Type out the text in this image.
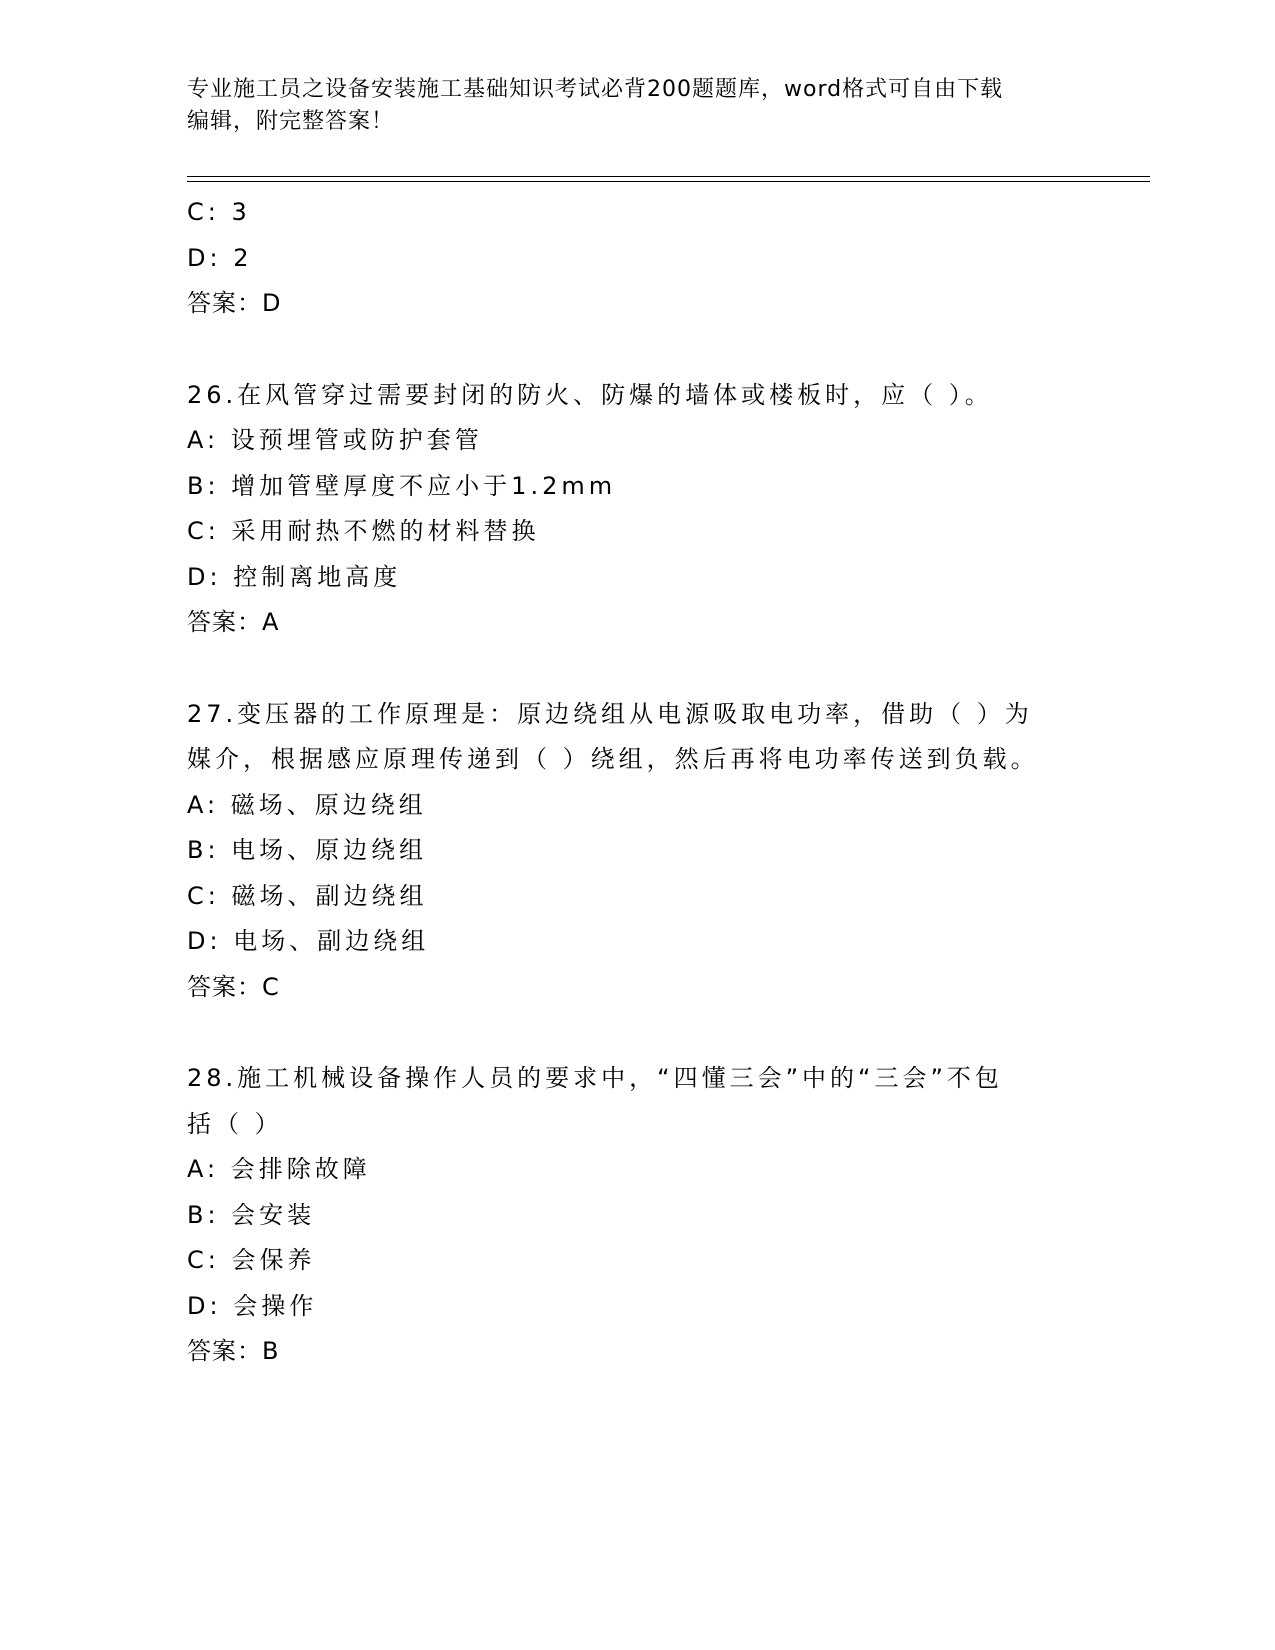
专业施工员之设备安装施工基础知识考试必背200题题库，word格式可自由下载
编辑，附完整答案！
C: 3
D: 2
答案：D
26.在风管穿过需要封闭的防火、防爆的墙体或楼板时，应（ ）。
A: 设预埋管或防护套管
B: 增加管壁厚度不应小于1.2mm
C: 采用耐热不燃的材料替换
D: 控制离地高度
答案：A
27.变压器的工作原理是：原边绕组从电源吸取电功率，借助（ ）为
媒介，根据感应原理传递到（ ）绕组，然后再将电功率传送到负载。
A: 磁场、原边绕组
B: 电场、原边绕组
C: 磁场、副边绕组
D: 电场、副边绕组
答案：C
28.施工机械设备操作人员的要求中，“四懂三会”中的“三会”不包
括（ ）
A: 会排除故障
B: 会安装
C: 会保养
D: 会操作
答案：B
